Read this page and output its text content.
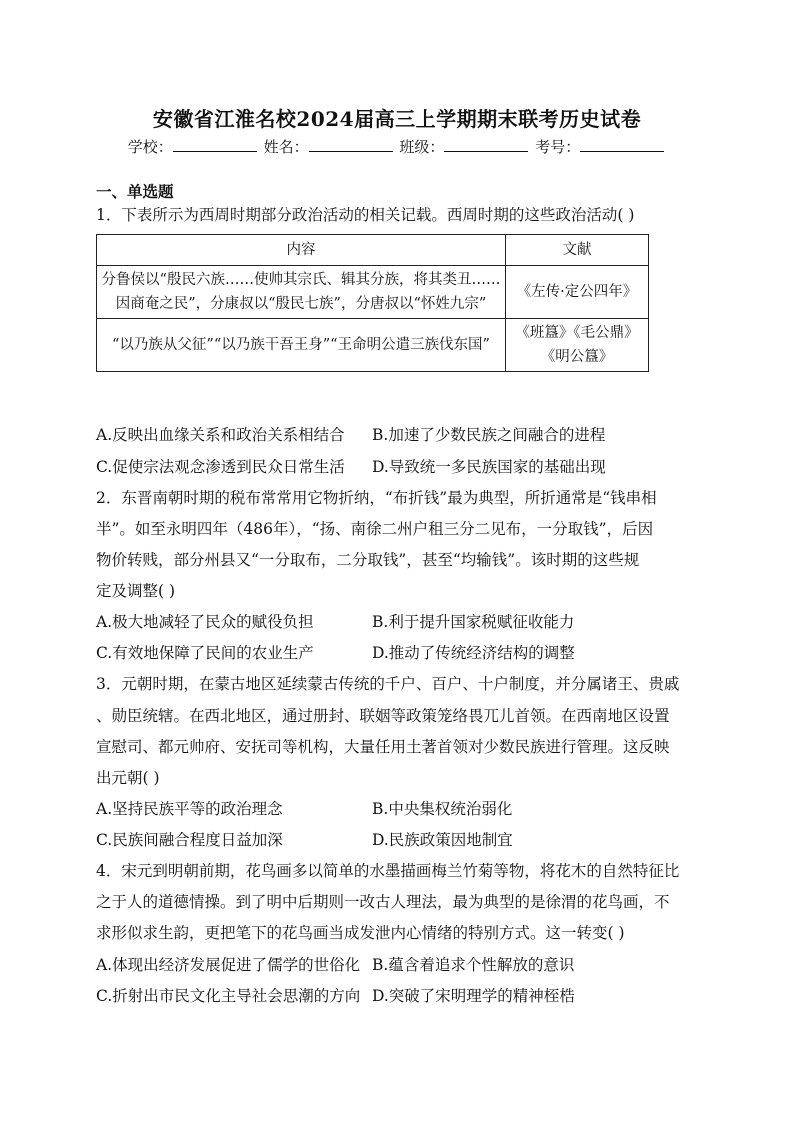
安徽省江淮名校2024届高三上学期期末联考历史试卷
学校：	姓名：	班级：	考号：
一、单选题
1．下表所示为西周时期部分政治活动的相关记载。西周时期的这些政治活动( )
内容	文献
分鲁侯以“殷民六族……使帅其宗氏、辑其分族，将其类丑……因商奄之民”，分康叔以“殷民七族”，分唐叔以“怀姓九宗”	《左传·定公四年》
“以乃族从父征”“以乃族干吾王身”“王命明公遣三族伐东国”	《班簋》《毛公鼎》《明公簋》
A.反映出血缘关系和政治关系相结合 B.加速了少数民族之间融合的进程
C.促使宗法观念渗透到民众日常生活 D.导致统一多民族国家的基础出现
2．东晋南朝时期的税布常常用它物折纳，“布折钱”最为典型，所折通常是“钱串相
半”。如至永明四年（486年），“扬、南徐二州户租三分二见布，一分取钱”，后因
物价转贱，部分州县又“一分取布，二分取钱”，甚至“均输钱”。该时期的这些规
定及调整( )
A.极大地减轻了民众的赋役负担	B.利于提升国家税赋征收能力
C.有效地保障了民间的农业生产	D.推动了传统经济结构的调整
3．元朝时期，在蒙古地区延续蒙古传统的千户、百户、十户制度，并分属诸王、贵戚
、勋臣统辖。在西北地区，通过册封、联姻等政策笼络畏兀儿首领。在西南地区设置
宣慰司、都元帅府、安抚司等机构，大量任用土著首领对少数民族进行管理。这反映
出元朝( )
A.坚持民族平等的政治理念	B.中央集权统治弱化
C.民族间融合程度日益加深	D.民族政策因地制宜
4．宋元到明朝前期，花鸟画多以简单的水墨描画梅兰竹菊等物，将花木的自然特征比
之于人的道德情操。到了明中后期则一改古人理法，最为典型的是徐渭的花鸟画，不
求形似求生韵，更把笔下的花鸟画当成发泄内心情绪的特别方式。这一转变( )
A.体现出经济发展促进了儒学的世俗化 B.蕴含着追求个性解放的意识
C.折射出市民文化主导社会思潮的方向 D.突破了宋明理学的精神桎梏
